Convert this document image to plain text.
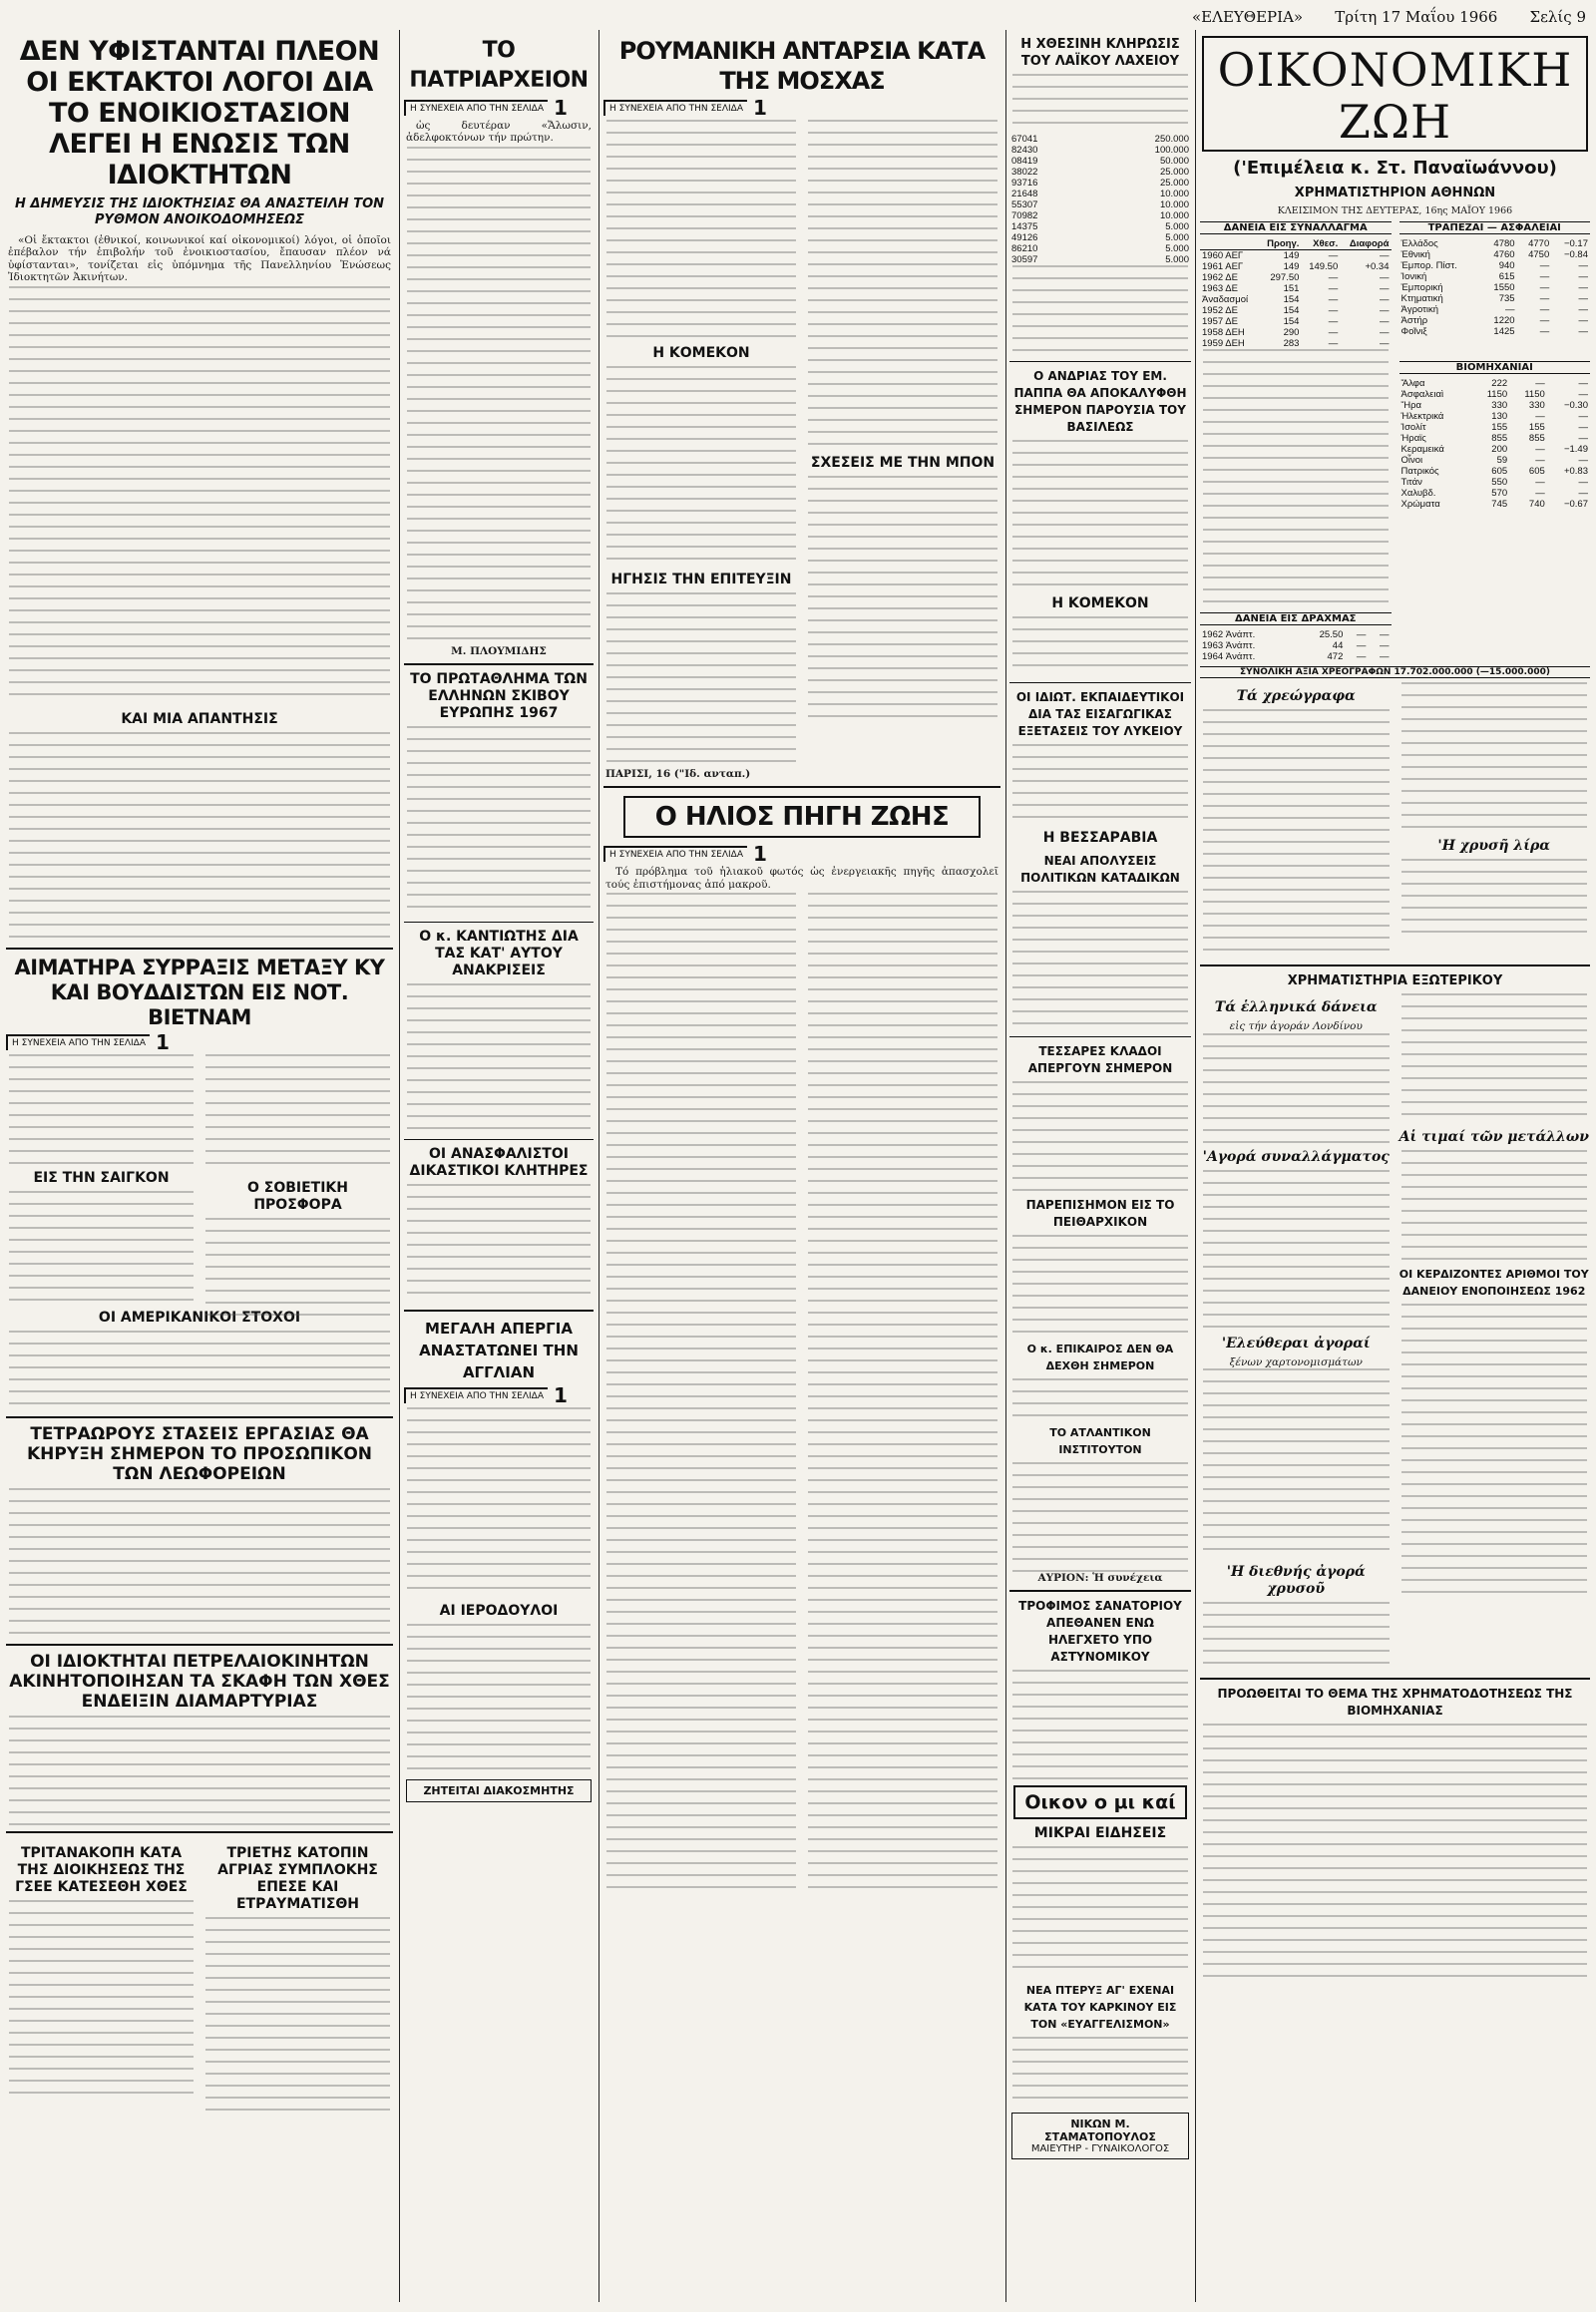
«ΕΛΕΥΘΕΡΙΑ» Τρίτη 17 Μαΐου 1966 Σελίς 9
ΔΕΝ ΥΦΙΣΤΑΝΤΑΙ ΠΛΕΟΝ ΟΙ ΕΚΤΑΚΤΟΙ ΛΟΓΟΙ ΔΙΑ ΤΟ ΕΝΟΙΚΙΟΣΤΑΣΙΟΝ ΛΕΓΕΙ Η ΕΝΩΣΙΣ ΤΩΝ ΙΔΙΟΚΤΗΤΩΝ
Η ΔΗΜΕΥΣΙΣ ΤΗΣ ΙΔΙΟΚΤΗΣΙΑΣ ΘΑ ΑΝΑΣΤΕΙΛΗ ΤΟΝ ΡΥΘΜΟΝ ΑΝΟΙΚΟΔΟΜΗΣΕΩΣ

«Οἱ ἔκτακτοι (ἐθνικοί, κοινωνικοί καί οἰκονομικοί) λόγοι, οἱ ὁποῖοι ἐπέβαλον τήν ἐπιβολήν τοῦ ἐνοικιοστασίου, ἔπαυσαν πλέον νά ὑφίστανται», τονίζεται εἰς ὑπόμνημα τῆς Πανελληνίου Ἑνώσεως Ἰδιοκτητῶν Ἀκινήτων.

ΚΑΙ ΜΙΑ ΑΠΑΝΤΗΣΙΣ
ΑΙΜΑΤΗΡΑ ΣΥΡΡΑΞΙΣ ΜΕΤΑΞΥ ΚΥ ΚΑΙ ΒΟΥΔΔΙΣΤΩΝ ΕΙΣ ΝΟΤ. ΒΙΕΤΝΑΜ
Η ΣΥΝΕΧΕΙΑ ΑΠΟ ΤΗΝ ΣΕΛΙΔΑ 1
ΕΙΣ ΤΗΝ ΣΑΙΓΚΟΝ
Ο ΣΟΒΙΕΤΙΚΗ ΠΡΟΣΦΟΡΑ
ΟΙ ΑΜΕΡΙΚΑΝΙΚΟΙ ΣΤΟΧΟΙ
ΤΕΤΡΑΩΡΟΥΣ ΣΤΑΣΕΙΣ ΕΡΓΑΣΙΑΣ ΘΑ ΚΗΡΥΞΗ ΣΗΜΕΡΟΝ ΤΟ ΠΡΟΣΩΠΙΚΟΝ ΤΩΝ ΛΕΩΦΟΡΕΙΩΝ
ΟΙ ΙΔΙΟΚΤΗΤΑΙ ΠΕΤΡΕΛΑΙΟΚΙΝΗΤΩΝ ΑΚΙΝΗΤΟΠΟΙΗΣΑΝ ΤΑ ΣΚΑΦΗ ΤΩΝ ΧΘΕΣ ΕΝΔΕΙΞΙΝ ΔΙΑΜΑΡΤΥΡΙΑΣ
ΤΡΙΤΑΝΑΚΟΠΗ ΚΑΤΑ ΤΗΣ ΔΙΟΙΚΗΣΕΩΣ ΤΗΣ ΓΣΕΕ ΚΑΤΕΣΕΘΗ ΧΘΕΣ
ΤΡΙΕΤΗΣ ΚΑΤΟΠΙΝ ΑΓΡΙΑΣ ΣΥΜΠΛΟΚΗΣ ΕΠΕΣΕ ΚΑΙ ΕΤΡΑΥΜΑΤΙΣΘΗ
ΤΟ ΠΑΤΡΙΑΡΧΕΙΟΝ
Η ΣΥΝΕΧΕΙΑ ΑΠΟ ΤΗΝ ΣΕΛΙΔΑ 1

ὡς δευτέραν «Ἄλωσιν, ἀδελφοκτόνων τήν πρώτην.

Μ. ΠΛΟΥΜΙΔΗΣ
ΤΟ ΠΡΩΤΑΘΛΗΜΑ ΤΩΝ ΕΛΛΗΝΩΝ ΣΚΙΒΟΥ ΕΥΡΩΠΗΣ 1967
Ο κ. ΚΑΝΤΙΩΤΗΣ ΔΙΑ ΤΑΣ ΚΑΤ' ΑΥΤΟΥ ΑΝΑΚΡΙΣΕΙΣ
ΟΙ ΑΝΑΣΦΑΛΙΣΤΟΙ ΔΙΚΑΣΤΙΚΟΙ ΚΛΗΤΗΡΕΣ
ΜΕΓΑΛΗ ΑΠΕΡΓΙΑ ΑΝΑΣΤΑΤΩΝΕΙ ΤΗΝ ΑΓΓΛΙΑΝ
Η ΣΥΝΕΧΕΙΑ ΑΠΟ ΤΗΝ ΣΕΛΙΔΑ 1
ΑΙ ΙΕΡΟΔΟΥΛΟΙ
ΖΗΤΕΙΤΑΙ ΔΙΑΚΟΣΜΗΤΗΣ
ΡΟΥΜΑΝΙΚΗ ΑΝΤΑΡΣΙΑ ΚΑΤΑ ΤΗΣ ΜΟΣΧΑΣ
Η ΣΥΝΕΧΕΙΑ ΑΠΟ ΤΗΝ ΣΕΛΙΔΑ 1
Η ΚΟΜΕΚΟΝ
ΗΓΗΣΙΣ ΤΗΝ ΕΠΙΤΕΥΞΙΝ
ΣΧΕΣΕΙΣ ΜΕ ΤΗΝ ΜΠΟΝ
ΠΑΡΙΣΙ, 16 ("Ιδ. ανταπ.)
Ο ΗΛΙΟΣ ΠΗΓΗ ΖΩΗΣ
Η ΣΥΝΕΧΕΙΑ ΑΠΟ ΤΗΝ ΣΕΛΙΔΑ 1

Τό πρόβλημα τοῦ ἡλιακοῦ φωτός ὡς ἐνεργειακῆς πηγῆς ἀπασχολεῖ τούς ἐπιστήμονας ἀπό μακροῦ.

Η ΧΘΕΣΙΝΗ ΚΛΗΡΩΣΙΣ ΤΟΥ ΛΑΪΚΟΥ ΛΑΧΕΙΟΥ
67041	250.000
82430	100.000
08419	50.000
38022	25.000
93716	25.000
21648	10.000
55307	10.000
70982	10.000
14375	5.000
49126	5.000
86210	5.000
30597	5.000
Ο ΑΝΔΡΙΑΣ ΤΟΥ ΕΜ. ΠΑΠΠΑ ΘΑ ΑΠΟΚΑΛΥΦΘΗ ΣΗΜΕΡΟΝ ΠΑΡΟΥΣΙΑ ΤΟΥ ΒΑΣΙΛΕΩΣ
Η ΚΟΜΕΚΟΝ
ΟΙ ΙΔΙΩΤ. ΕΚΠΑΙΔΕΥΤΙΚΟΙ ΔΙΑ ΤΑΣ ΕΙΣΑΓΩΓΙΚΑΣ ΕΞΕΤΑΣΕΙΣ ΤΟΥ ΛΥΚΕΙΟΥ
Η ΒΕΣΣΑΡΑΒΙΑ
ΝΕΑΙ ΑΠΟΛΥΣΕΙΣ ΠΟΛΙΤΙΚΩΝ ΚΑΤΑΔΙΚΩΝ
ΤΕΣΣΑΡΕΣ ΚΛΑΔΟΙ ΑΠΕΡΓΟΥΝ ΣΗΜΕΡΟΝ
ΠΑΡΕΠΙΣΗΜΟΝ ΕΙΣ ΤΟ ΠΕΙΘΑΡΧΙΚΟΝ
Ο κ. ΕΠΙΚΑΙΡΟΣ ΔΕΝ ΘΑ ΔΕΧΘΗ ΣΗΜΕΡΟΝ
ΤΟ ΑΤΛΑΝΤΙΚΟΝ ΙΝΣΤΙΤΟΥΤΟΝ
ΑΥΡΙΟΝ: Ἡ συνέχεια
ΤΡΟΦΙΜΟΣ ΣΑΝΑΤΟΡΙΟΥ ΑΠΕΘΑΝΕΝ ΕΝΩ ΗΛΕΓΧΕΤΟ ΥΠΟ ΑΣΤΥΝΟΜΙΚΟΥ
Οικον ο μι καί
ΜΙΚΡΑΙ ΕΙΔΗΣΕΙΣ
ΝΕΑ ΠΤΕΡΥΞ ΑΓ' ΕΧΕΝΑΙ ΚΑΤΑ ΤΟΥ ΚΑΡΚΙΝΟΥ ΕΙΣ ΤΟΝ «ΕΥΑΓΓΕΛΙΣΜΟΝ»
ΝΙΚΩΝ Μ. ΣΤΑΜΑΤΟΠΟΥΛΟΣ
ΜΑΙΕΥΤΗΡ - ΓΥΝΑΙΚΟΛΟΓΟΣ
ΟΙΚΟΝΟΜΙΚΗ ΖΩΗ
('Επιμέλεια κ. Στ. Παναϊωάννου)
ΧΡΗΜΑΤΙΣΤΗΡΙΟΝ ΑΘΗΝΩΝ
ΚΛΕΙΣΙΜΟΝ ΤΗΣ ΔΕΥΤΕΡΑΣ, 16ης ΜΑΪΟΥ 1966
ΔΑΝΕΙΑ ΕΙΣ ΣΥΝΑΛΛΑΓΜΑ
	Προηγ.	Χθεσ.	Διαφορά
1960 ΑΕΓ	149	—	—
1961 ΑΕΓ	149	149.50	+0.34
1962 ΔΕ	297.50	—	—
1963 ΔΕ	151	—	—
Ἀναδασμοί	154	—	—
1952 ΔΕ	154	—	—
1957 ΔΕ	154	—	—
1958 ΔΕΗ	290	—	—
1959 ΔΕΗ	283	—	—
ΔΑΝΕΙΑ ΕΙΣ ΔΡΑΧΜΑΣ
1962 Ἀνάπτ.	25.50	—	—
1963 Ἀνάπτ.	44	—	—
1964 Ἀνάπτ.	472	—	—
ΤΡΑΠΕΖΑΙ — ΑΣΦΑΛΕΙΑΙ
Ἑλλάδος	4780	4770	−0.17
Ἐθνική	4760	4750	−0.84
Ἐμπορ. Πίστ.	940	—	—
Ἰονική	615	—	—
Ἐμπορική	1550	—	—
Κτηματική	735	—	—
Ἀγροτική	—	—	—
Ἀστήρ	1220	—	—
Φοῖνιξ	1425	—	—
ΒΙΟΜΗΧΑΝΙΑΙ
Ἄλφα	222	—	—
Ἀσφαλειαὶ	1150	1150	—
Ἤρα	330	330	−0.30
Ἡλεκτρικά	130	—	—
Ἰσολίτ	155	155	—
Ἡραϊς	855	855	—
Κεραμεικά	200	—	−1.49
Οἶνοι	59	—	—
Πατρικός	605	605	+0.83
Τιτάν	550	—	—
Χαλυβδ.	570	—	—
Χρώματα	745	740	−0.67
ΣΥΝΟΛΙΚΗ ΑΞΙΑ ΧΡΕΟΓΡΑΦΩΝ 17.702.000.000 (—15.000.000)
Τά χρεώγραφα
'Η χρυσῆ λίρα
ΧΡΗΜΑΤΙΣΤΗΡΙΑ ΕΞΩΤΕΡΙΚΟΥ
Τά ἑλληνικά δάνεια
εἰς τήν ἀγοράν Λονδίνου
'Αγορά συναλλάγματος
'Ελεύθεραι ἀγοραί
ξένων χαρτονομισμάτων
'Η διεθνής ἀγορά χρυσοῦ
Αἱ τιμαί τῶν μετάλλων
ΟΙ ΚΕΡΔΙΖΟΝΤΕΣ ΑΡΙΘΜΟΙ ΤΟΥ ΔΑΝΕΙΟΥ ΕΝΟΠΟΙΗΣΕΩΣ 1962
ΠΡΟΩΘΕΙΤΑΙ ΤΟ ΘΕΜΑ ΤΗΣ ΧΡΗΜΑΤΟΔΟΤΗΣΕΩΣ ΤΗΣ ΒΙΟΜΗΧΑΝΙΑΣ
